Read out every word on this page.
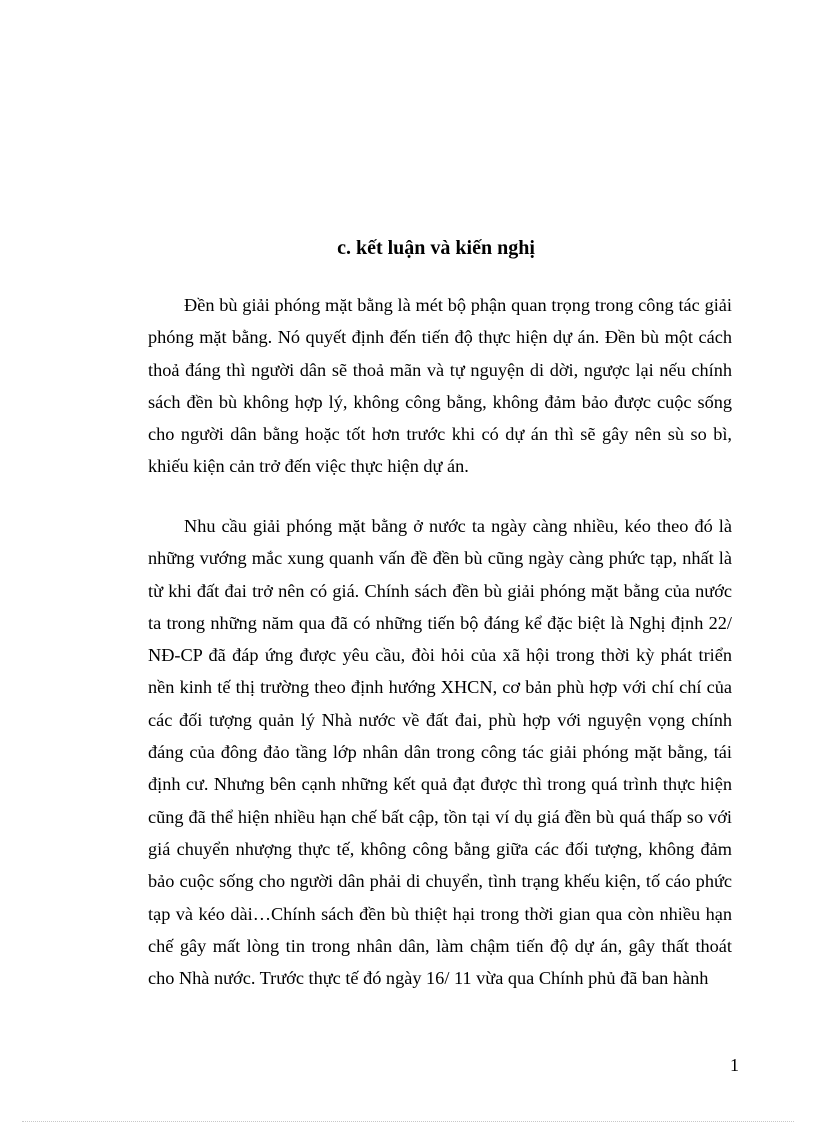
c. kết luận và kiến nghị

Đền bù giải phóng mặt bằng là mét bộ phận quan trọng trong công tác giải phóng mặt bằng. Nó quyết định đến tiến độ thực hiện dự án. Đền bù một cách thoả đáng thì người dân sẽ thoả mãn và tự nguyện di dời, ngược lại nếu chính sách đền bù không hợp lý, không công bằng, không đảm bảo được cuộc sống cho người dân bằng hoặc tốt hơn trước khi có dự án thì sẽ gây nên sù so bì, khiếu kiện cản trở đến việc thực hiện dự án.

Nhu cầu giải phóng mặt bằng ở nước ta ngày càng nhiều, kéo theo đó là những vướng mắc xung quanh vấn đề đền bù cũng ngày càng phức tạp, nhất là từ khi đất đai trở nên có giá. Chính sách đền bù giải phóng mặt bằng của nước ta trong những năm qua đã có những tiến bộ đáng kể đặc biệt là Nghị định 22/ NĐ-CP đã đáp ứng được yêu cầu, đòi hỏi của xã hội trong thời kỳ phát triển nền kinh tế thị trường theo định hướng XHCN, cơ bản phù hợp với chí chí của các đối tượng quản lý Nhà nước về đất đai, phù hợp với nguyện vọng chính đáng của đông đảo tầng lớp nhân dân trong công tác giải phóng mặt bằng, tái định cư. Nhưng bên cạnh những kết quả đạt được thì trong quá trình thực hiện cũng đã thể hiện nhiều hạn chế bất cập, tồn tại ví dụ giá đền bù quá thấp so với giá chuyển nhượng thực tế, không công bằng giữa các đối tượng, không đảm bảo cuộc sống cho người dân phải di chuyển, tình trạng khếu kiện, tố cáo phức tạp và kéo dài…Chính sách đền bù thiệt hại trong thời gian qua còn nhiều hạn chế gây mất lòng tin trong nhân dân, làm chậm tiến độ dự án, gây thất thoát cho Nhà nước. Trước thực tế đó ngày 16/ 11 vừa qua Chính phủ đã ban hành

1
